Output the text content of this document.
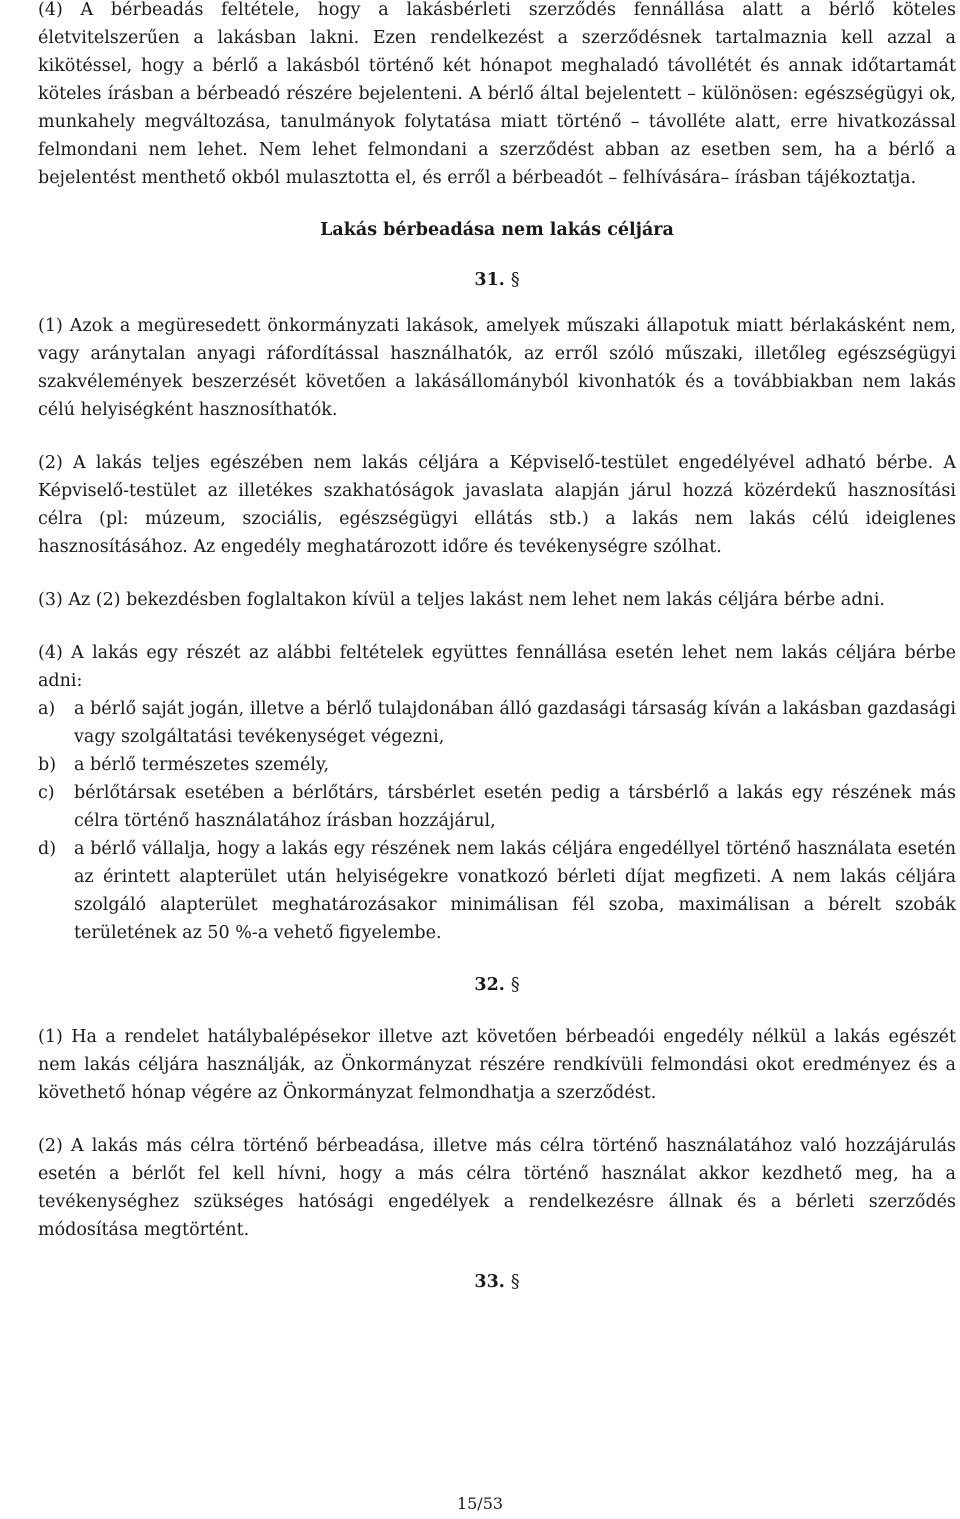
(4) A bérbeadás feltétele, hogy a lakásbérleti szerződés fennállása alatt a bérlő köteles életvitelszerűen a lakásban lakni. Ezen rendelkezést a szerződésnek tartalmaznia kell azzal a kikötéssel, hogy a bérlő a lakásból történő két hónapot meghaladó távollétét és annak időtartamát köteles írásban a bérbeadó részére bejelenteni. A bérlő által bejelentett – különösen: egészségügyi ok, munkahely megváltozása, tanulmányok folytatása miatt történő – távolléte alatt, erre hivatkozással felmondani nem lehet. Nem lehet felmondani a szerződést abban az esetben sem, ha a bérlő a bejelentést menthető okból mulasztotta el, és erről a bérbeadót – felhívására– írásban tájékoztatja.

Lakás bérbeadása nem lakás céljára

31. §

(1) Azok a megüresedett önkormányzati lakások, amelyek műszaki állapotuk miatt bérlakásként nem, vagy aránytalan anyagi ráfordítással használhatók, az erről szóló műszaki, illetőleg egészségügyi szakvélemények beszerzését követően a lakásállományból kivonhatók és a továbbiakban nem lakás célú helyiségként hasznosíthatók.

(2) A lakás teljes egészében nem lakás céljára a Képviselő-testület engedélyével adható bérbe. A Képviselő-testület az illetékes szakhatóságok javaslata alapján járul hozzá közérdekű hasznosítási célra (pl: múzeum, szociális, egészségügyi ellátás stb.) a lakás nem lakás célú ideiglenes hasznosításához. Az engedély meghatározott időre és tevékenységre szólhat.

(3) Az (2) bekezdésben foglaltakon kívül a teljes lakást nem lehet nem lakás céljára bérbe adni.

(4) A lakás egy részét az alábbi feltételek együttes fennállása esetén lehet nem lakás céljára bérbe adni:

a)	a bérlő saját jogán, illetve a bérlő tulajdonában álló gazdasági társaság kíván a lakásban gazdasági vagy szolgáltatási tevékenységet végezni,
b)	a bérlő természetes személy,
c)	bérlőtársak esetében a bérlőtárs, társbérlet esetén pedig a társbérlő a lakás egy részének más célra történő használatához írásban hozzájárul,
d)	a bérlő vállalja, hogy a lakás egy részének nem lakás céljára engedéllyel történő használata esetén az érintett alapterület után helyiségekre vonatkozó bérleti díjat megfizeti. A nem lakás céljára szolgáló alapterület meghatározásakor minimálisan fél szoba, maximálisan a bérelt szobák területének az 50 %-a vehető figyelembe.

32. §

(1) Ha a rendelet hatálybalépésekor illetve azt követően bérbeadói engedély nélkül a lakás egészét nem lakás céljára használják, az Önkormányzat részére rendkívüli felmondási okot eredményez és a követhető hónap végére az Önkormányzat felmondhatja a szerződést.

(2) A lakás más célra történő bérbeadása, illetve más célra történő használatához való hozzájárulás esetén a bérlőt fel kell hívni, hogy a más célra történő használat akkor kezdhető meg, ha a tevékenységhez szükséges hatósági engedélyek a rendelkezésre állnak és a bérleti szerződés módosítása megtörtént.

33. §

15/53
